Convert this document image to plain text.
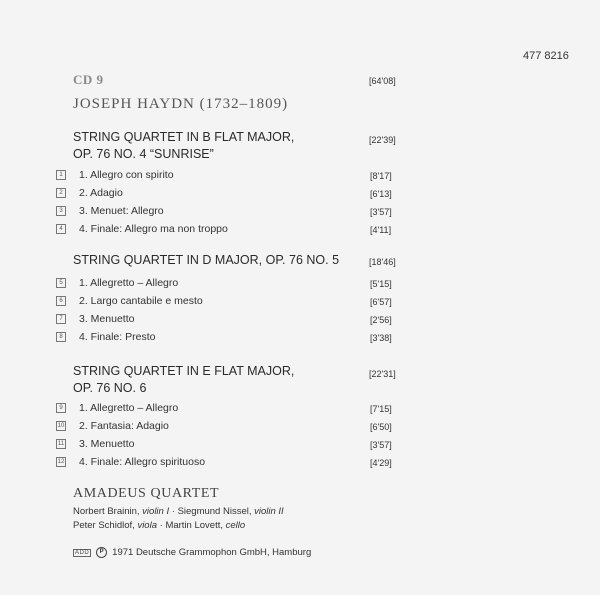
477 8216
CD 9	[64'08]
JOSEPH HAYDN (1732–1809)
STRING QUARTET IN B FLAT MAJOR,
OP. 76 NO. 4 “SUNRISE”
[22'39]
1	1. Allegro con spirito	[8'17]
2	2. Adagio	[6'13]
3	3. Menuet: Allegro	[3'57]
4	4. Finale: Allegro ma non troppo	[4'11]
STRING QUARTET IN D MAJOR, OP. 76 NO. 5	[18'46]
5	1. Allegretto – Allegro	[5'15]
6	2. Largo cantabile e mesto	[6'57]
7	3. Menuetto	[2'56]
8	4. Finale: Presto	[3'38]
STRING QUARTET IN E FLAT MAJOR,
OP. 76 NO. 6
[22'31]
9	1. Allegretto – Allegro	[7'15]
10 2. Fantasia: Adagio	[6'50]
11 3. Menuetto	[3'57]
12 4. Finale: Allegro spirituoso	[4'29]
AMADEUS QUARTET
Norbert Brainin, violin I · Siegmund Nissel, violin II
Peter Schidlof, viola · Martin Lovett, cello
ADD	P 1971 Deutsche Grammophon GmbH, Hamburg
